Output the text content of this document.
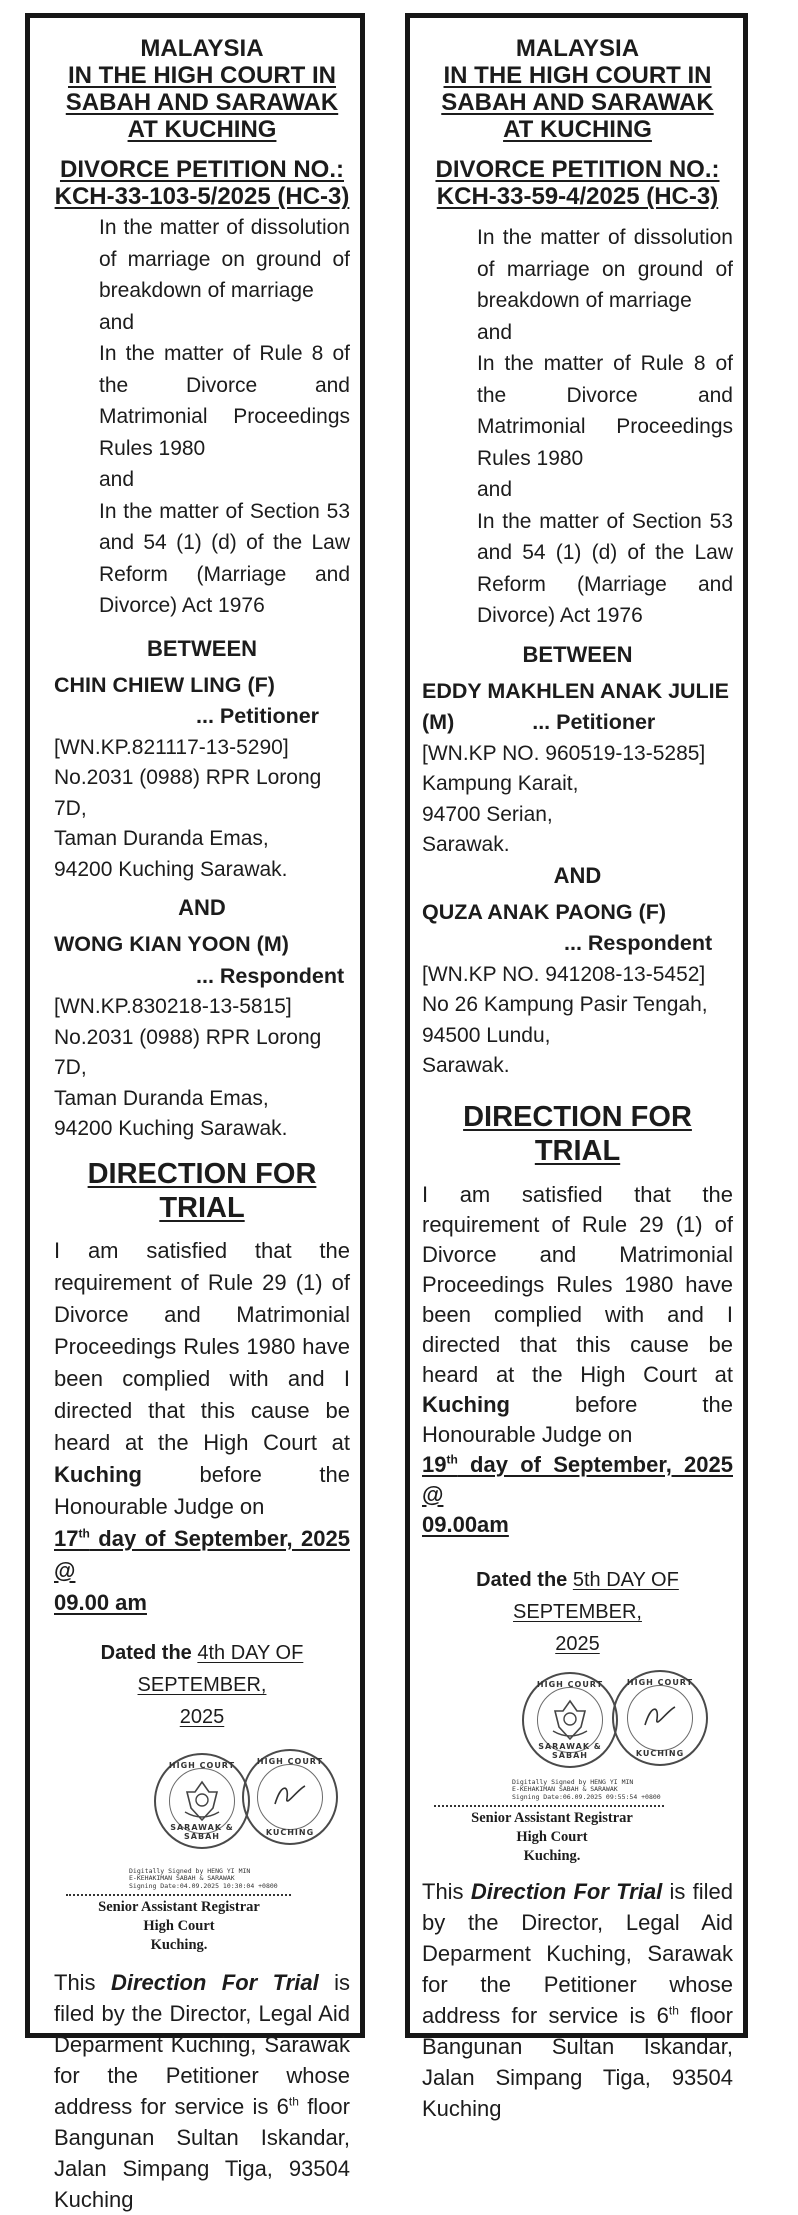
MALAYSIA

IN THE HIGH COURT IN

SABAH AND SARAWAK

AT KUCHING

DIVORCE PETITION NO.:

KCH-33-103-5/2025 (HC-3)

In the matter of dissolution of marriage on ground of breakdown of marriage

and

In the matter of Rule 8 of the Divorce and Matrimonial Proceedings Rules 1980

and

In the matter of Section 53 and 54 (1) (d) of the Law Reform (Marriage and Divorce) Act 1976

BETWEEN

CHIN CHIEW LING (F)

... Petitioner

[WN.KP.821117-13-5290]

No.2031 (0988) RPR Lorong 7D,

Taman Duranda Emas,

94200 Kuching Sarawak.

AND

WONG KIAN YOON (M)

... Respondent

[WN.KP.830218-13-5815]

No.2031 (0988) RPR Lorong 7D,

Taman Duranda Emas,

94200 Kuching Sarawak.

DIRECTION FOR TRIAL

I am satisfied that the requirement of Rule 29 (1) of Divorce and Matrimonial Proceedings Rules 1980 have been complied with and I directed that this cause be heard at the High Court at Kuching before the Honourable Judge on
17th day of September, 2025 @
09.00 am

Dated the 4th DAY OF SEPTEMBER,

2025

HIGH COURT
SARAWAK & SABAH
HIGH COURT
KUCHING

Digitally Signed by HENG YI MIN

E-KEHAKIMAN SABAH & SARAWAK

Signing Date:04.09.2025 10:30:04 +0800

Senior Assistant Registrar

High Court

Kuching.

This Direction For Trial is filed by the Director, Legal Aid Deparment Kuching, Sarawak for the Petitioner whose address for service is 6th floor Bangunan Sultan Iskandar, Jalan Simpang Tiga, 93504 Kuching

MALAYSIA

IN THE HIGH COURT IN

SABAH AND SARAWAK

AT KUCHING

DIVORCE PETITION NO.:

KCH-33-59-4/2025 (HC-3)

In the matter of dissolution of marriage on ground of breakdown of marriage

and

In the matter of Rule 8 of the Divorce and Matrimonial Proceedings Rules 1980

and

In the matter of Section 53 and 54 (1) (d) of the Law Reform (Marriage and Divorce) Act 1976

BETWEEN

EDDY MAKHLEN ANAK JULIE

(M)	... Petitioner

[WN.KP NO. 960519-13-5285]

Kampung Karait,

94700 Serian,

Sarawak.

AND

QUZA ANAK PAONG (F)

... Respondent

[WN.KP NO. 941208-13-5452]

No 26 Kampung Pasir Tengah,

94500 Lundu,

Sarawak.

DIRECTION FOR TRIAL

I am satisfied that the requirement of Rule 29 (1) of Divorce and Matrimonial Proceedings Rules 1980 have been complied with and I directed that this cause be heard at the High Court at Kuching before the Honourable Judge on
19th day of September, 2025 @
09.00am

Dated the 5th DAY OF SEPTEMBER,

2025

HIGH COURT
SARAWAK & SABAH
HIGH COURT
KUCHING

Digitally Signed by HENG YI MIN

E-KEHAKIMAN SABAH & SARAWAK

Signing Date:06.09.2025 09:55:54 +0800

Senior Assistant Registrar

High Court

Kuching.

This Direction For Trial is filed by the Director, Legal Aid Deparment Kuching, Sarawak for the Petitioner whose address for service is 6th floor Bangunan Sultan Iskandar, Jalan Simpang Tiga, 93504 Kuching
